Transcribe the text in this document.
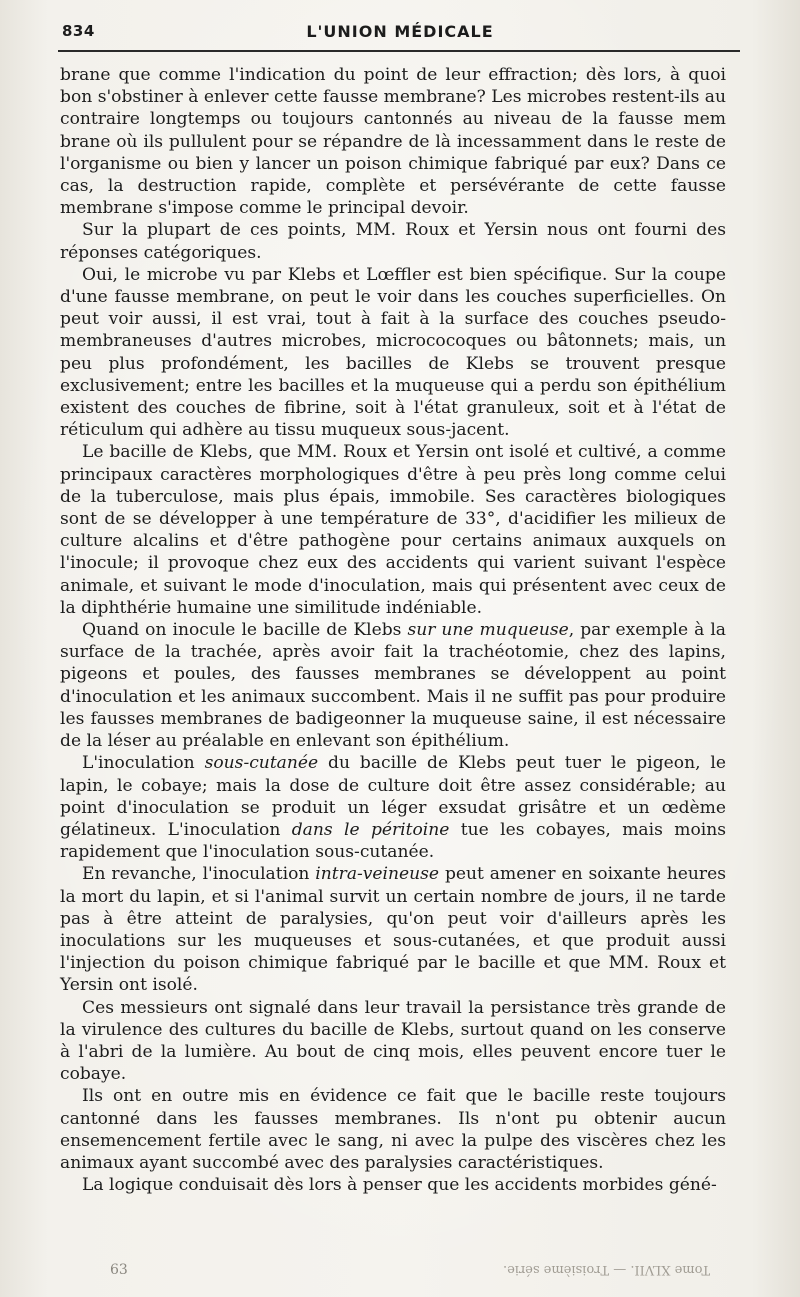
834	L'UNION MÉDICALE

brane que comme l'indication du point de leur effraction; dès lors, à quoi bon s'obstiner à enlever cette fausse membrane? Les microbes restent-ils au contraire longtemps ou toujours cantonnés au niveau de la fausse mem brane où ils pullulent pour se répandre de là incessamment dans le reste de l'organisme ou bien y lancer un poison chimique fabriqué par eux? Dans ce cas, la destruction rapide, complète et persévérante de cette fausse membrane s'impose comme le principal devoir.

Sur la plupart de ces points, MM. Roux et Yersin nous ont fourni des réponses catégoriques.

Oui, le microbe vu par Klebs et Lœffler est bien spécifique. Sur la coupe d'une fausse membrane, on peut le voir dans les couches superficielles. On peut voir aussi, il est vrai, tout à fait à la surface des couches pseudo-membraneuses d'autres microbes, micrococoques ou bâtonnets; mais, un peu plus profondément, les bacilles de Klebs se trouvent presque exclusivement; entre les bacilles et la muqueuse qui a perdu son épithélium existent des couches de fibrine, soit à l'état granuleux, soit et à l'état de réticulum qui adhère au tissu muqueux sous-jacent.

Le bacille de Klebs, que MM. Roux et Yersin ont isolé et cultivé, a comme principaux caractères morphologiques d'être à peu près long comme celui de la tuberculose, mais plus épais, immobile. Ses caractères biologiques sont de se développer à une température de 33°, d'acidifier les milieux de culture alcalins et d'être pathogène pour certains animaux auxquels on l'inocule; il provoque chez eux des accidents qui varient suivant l'espèce animale, et suivant le mode d'inoculation, mais qui présentent avec ceux de la diphthérie humaine une similitude indéniable.

Quand on inocule le bacille de Klebs sur une muqueuse, par exemple à la surface de la trachée, après avoir fait la trachéotomie, chez des lapins, pigeons et poules, des fausses membranes se développent au point d'inoculation et les animaux succombent. Mais il ne suffit pas pour produire les fausses membranes de badigeonner la muqueuse saine, il est nécessaire de la léser au préalable en enlevant son épithélium.

L'inoculation sous-cutanée du bacille de Klebs peut tuer le pigeon, le lapin, le cobaye; mais la dose de culture doit être assez considérable; au point d'inoculation se produit un léger exsudat grisâtre et un œdème gélatineux. L'inoculation dans le péritoine tue les cobayes, mais moins rapidement que l'inoculation sous-cutanée.

En revanche, l'inoculation intra-veineuse peut amener en soixante heures la mort du lapin, et si l'animal survit un certain nombre de jours, il ne tarde pas à être atteint de paralysies, qu'on peut voir d'ailleurs après les inoculations sur les muqueuses et sous-cutanées, et que produit aussi l'injection du poison chimique fabriqué par le bacille et que MM. Roux et Yersin ont isolé.

Ces messieurs ont signalé dans leur travail la persistance très grande de la virulence des cultures du bacille de Klebs, surtout quand on les conserve à l'abri de la lumière. Au bout de cinq mois, elles peuvent encore tuer le cobaye.

Ils ont en outre mis en évidence ce fait que le bacille reste toujours cantonné dans les fausses membranes. Ils n'ont pu obtenir aucun ensemencement fertile avec le sang, ni avec la pulpe des viscères chez les animaux ayant succombé avec des paralysies caractéristiques.

La logique conduisait dès lors à penser que les accidents morbides géné-

63	Tome XLVII. — Troisième série.
